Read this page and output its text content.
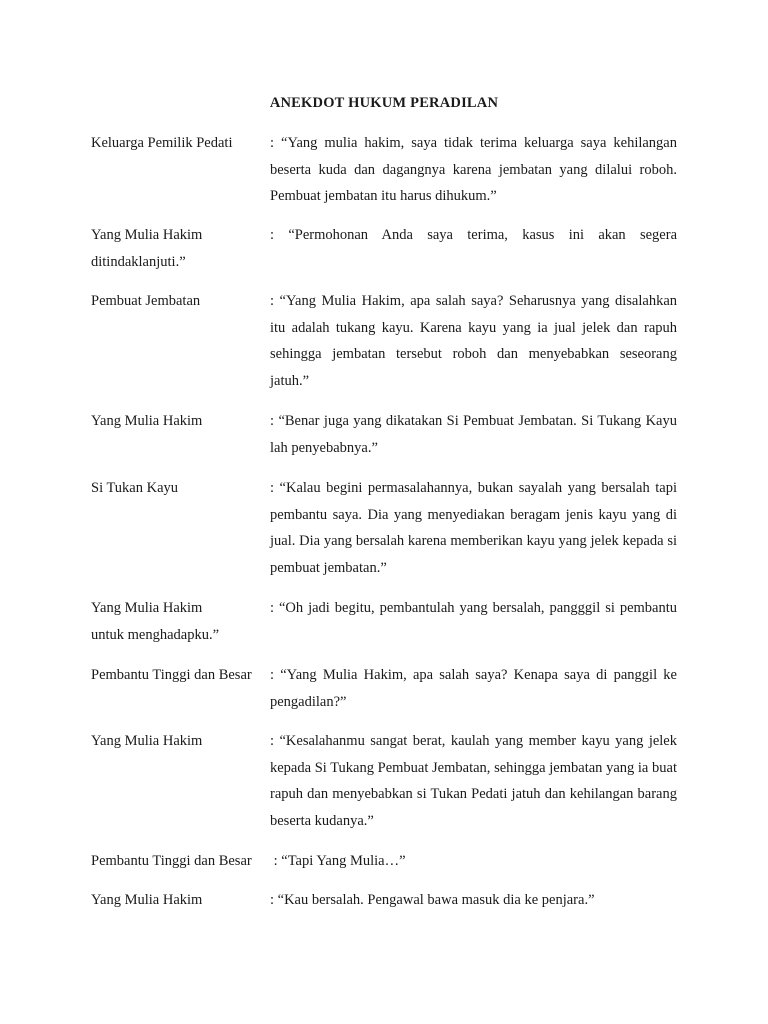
ANEKDOT HUKUM PERADILAN
Keluarga Pemilik Pedati	: “Yang mulia hakim, saya tidak terima keluarga saya kehilangan beserta kuda dan dagangnya karena jembatan yang dilalui roboh. Pembuat jembatan itu harus dihukum.”
Yang Mulia Hakim	: “Permohonan Anda saya terima, kasus ini akan segera ditindaklanjuti.”
Pembuat Jembatan	: “Yang Mulia Hakim, apa salah saya? Seharusnya yang disalahkan itu adalah tukang kayu. Karena kayu yang ia jual jelek dan rapuh sehingga jembatan tersebut roboh dan menyebabkan seseorang jatuh.”
Yang Mulia Hakim	: “Benar juga yang dikatakan Si Pembuat Jembatan. Si Tukang Kayu lah penyebabnya.”
Si Tukan Kayu	: “Kalau begini permasalahannya, bukan sayalah yang bersalah tapi pembantu saya. Dia yang menyediakan beragam jenis kayu yang di jual. Dia yang bersalah karena memberikan kayu yang jelek kepada si pembuat jembatan.”
Yang Mulia Hakim	: “Oh jadi begitu, pembantulah yang bersalah, pangggil si pembantu untuk menghadapku.”
Pembantu Tinggi dan Besar : “Yang Mulia Hakim, apa salah saya? Kenapa saya di panggil ke pengadilan?”
Yang Mulia Hakim	: “Kesalahanmu sangat berat, kaulah yang member kayu yang jelek kepada Si Tukang Pembuat Jembatan, sehingga jembatan yang ia buat rapuh dan menyebabkan si Tukan Pedati jatuh dan kehilangan barang beserta kudanya.”
Pembantu Tinggi dan Besar : “Tapi Yang Mulia…”
Yang Mulia Hakim	: “Kau bersalah. Pengawal bawa masuk dia ke penjara.”
